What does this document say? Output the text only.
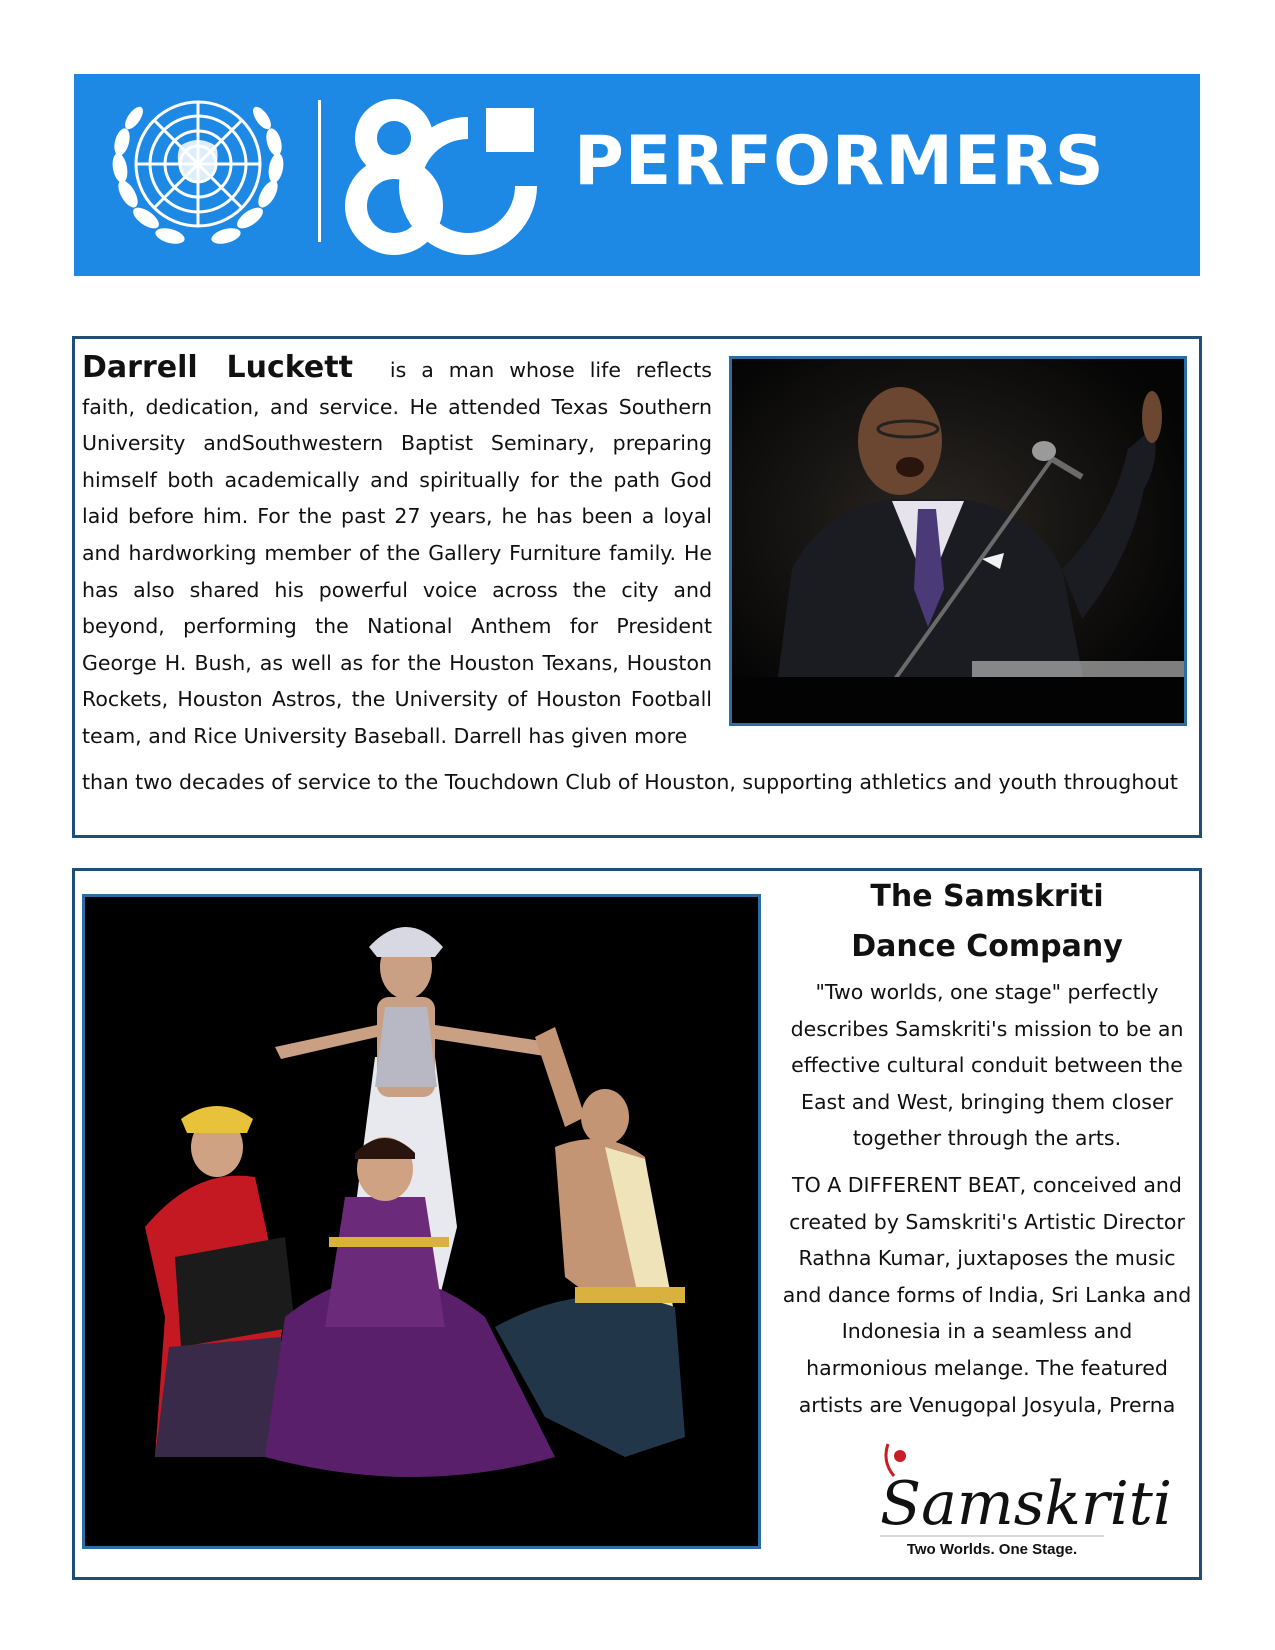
PERFORMERS
Darrell Luckett is a man whose life reflects faith, dedication, and service. He attended Texas Southern University andSouthwestern Baptist Seminary, preparing himself both academically and spiritually for the path God laid before him. For the past 27 years, he has been a loyal and hardworking member of the Gallery Furniture family. He has also shared his powerful voice across the city and beyond, performing the National Anthem for President George H. Bush, as well as for the Houston Texans, Houston Rockets, Houston Astros, the University of Houston Football team, and Rice University Baseball. Darrell has given more
than two decades of service to the Touchdown Club of Houston, supporting athletics and youth throughout
The Samskriti
Dance Company

"Two worlds, one stage" perfectly describes Samskriti's mission to be an effective cultural conduit between the East and West, bringing them closer together through the arts.

TO A DIFFERENT BEAT, conceived and created by Samskriti's Artistic Director Rathna Kumar, juxtaposes the music and dance forms of India, Sri Lanka and Indonesia in a seamless and harmonious melange. The featured artists are Venugopal Josyula, Prerna

Samskriti
Two Worlds. One Stage.
